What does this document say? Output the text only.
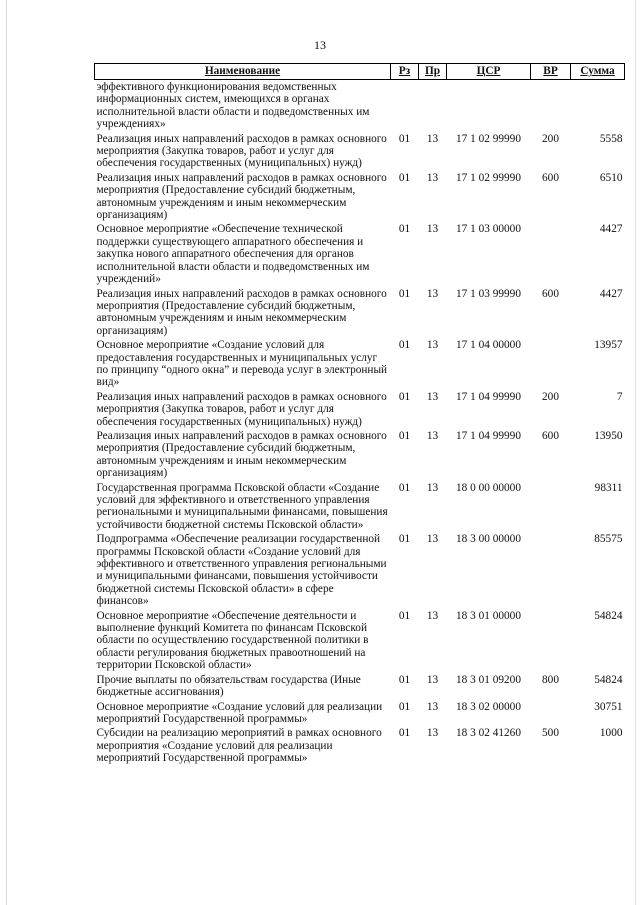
13
Наименование	Рз	Пр	ЦСР	ВР	Сумма
эффективного функционирования ведомственных информационных систем, имеющихся в органах исполнительной власти области и подведомственных им учреждениях»					
Реализация иных направлений расходов в рамках основного мероприятия (Закупка товаров, работ и услуг для обеспечения государственных (муниципальных) нужд)	01	13	17 1 02 99990	200	5558
Реализация иных направлений расходов в рамках основного мероприятия (Предоставление субсидий бюджетным, автономным учреждениям и иным некоммерческим организациям)	01	13	17 1 02 99990	600	6510
Основное мероприятие «Обеспечение технической поддержки существующего аппаратного обеспечения и закупка нового аппаратного обеспечения для органов исполнительной власти области и подведомственных им учреждений»	01	13	17 1 03 00000		4427
Реализация иных направлений расходов в рамках основного мероприятия (Предоставление субсидий бюджетным, автономным учреждениям и иным некоммерческим организациям)	01	13	17 1 03 99990	600	4427
Основное мероприятие «Создание условий для предоставления государственных и муниципальных услуг по принципу “одного окна” и перевода услуг в электронный вид»	01	13	17 1 04 00000		13957
Реализация иных направлений расходов в рамках основного мероприятия (Закупка товаров, работ и услуг для обеспечения государственных (муниципальных) нужд)	01	13	17 1 04 99990	200	7
Реализация иных направлений расходов в рамках основного мероприятия (Предоставление субсидий бюджетным, автономным учреждениям и иным некоммерческим организациям)	01	13	17 1 04 99990	600	13950
Государственная программа Псковской области «Создание условий для эффективного и ответственного управления региональными и муниципальными финансами, повышения устойчивости бюджетной системы Псковской области»	01	13	18 0 00 00000		98311
Подпрограмма «Обеспечение реализации государственной программы Псковской области «Создание условий для эффективного и ответственного управления региональными и муниципальными финансами, повышения устойчивости бюджетной системы Псковской области» в сфере финансов»	01	13	18 3 00 00000		85575
Основное мероприятие «Обеспечение деятельности и выполнение функций Комитета по финансам Псковской области по осуществлению государственной политики в области регулирования бюджетных правоотношений на территории Псковской области»	01	13	18 3 01 00000		54824
Прочие выплаты по обязательствам государства (Иные бюджетные ассигнования)	01	13	18 3 01 09200	800	54824
Основное мероприятие «Создание условий для реализации мероприятий Государственной программы»	01	13	18 3 02 00000		30751
Субсидии на реализацию мероприятий в рамках основного мероприятия «Создание условий для реализации мероприятий Государственной программы»	01	13	18 3 02 41260	500	1000
